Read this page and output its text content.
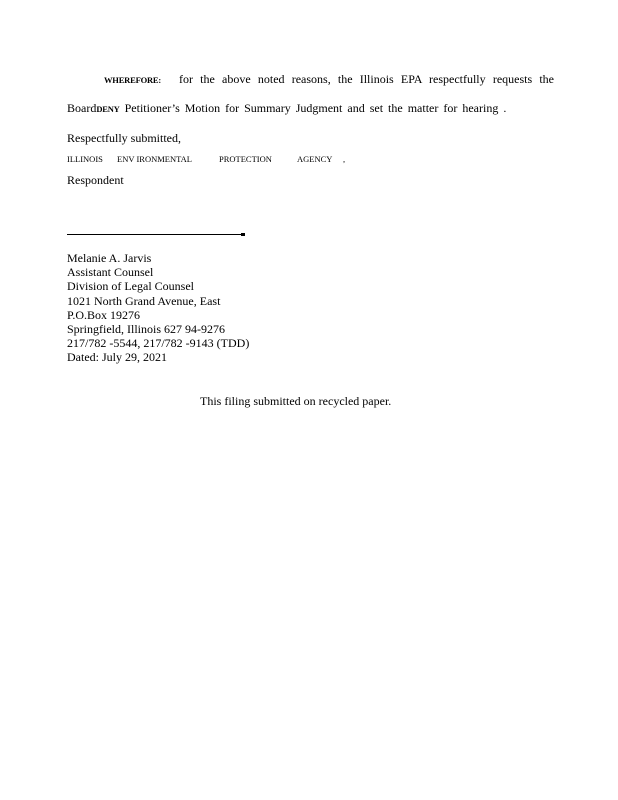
WHEREFORE: for the above noted reasons, the Illinois EPA respectfully requests the
BoardDENY Petitioner’s Motion for Summary Judgment and set the matter for hearing .
Respectfully submitted,
ILLINOIS ENV IRONMENTAL	PROTECTION	AGENCY ,
Respondent
Melanie A. Jarvis
Assistant Counsel
Division of Legal Counsel
1021 North Grand Avenue, East
P.O.Box 19276
Springfield, Illinois 627 94-9276
217/782 -5544, 217/782 -9143 (TDD)
Dated: July 29, 2021
This filing submitted on recycled paper.
